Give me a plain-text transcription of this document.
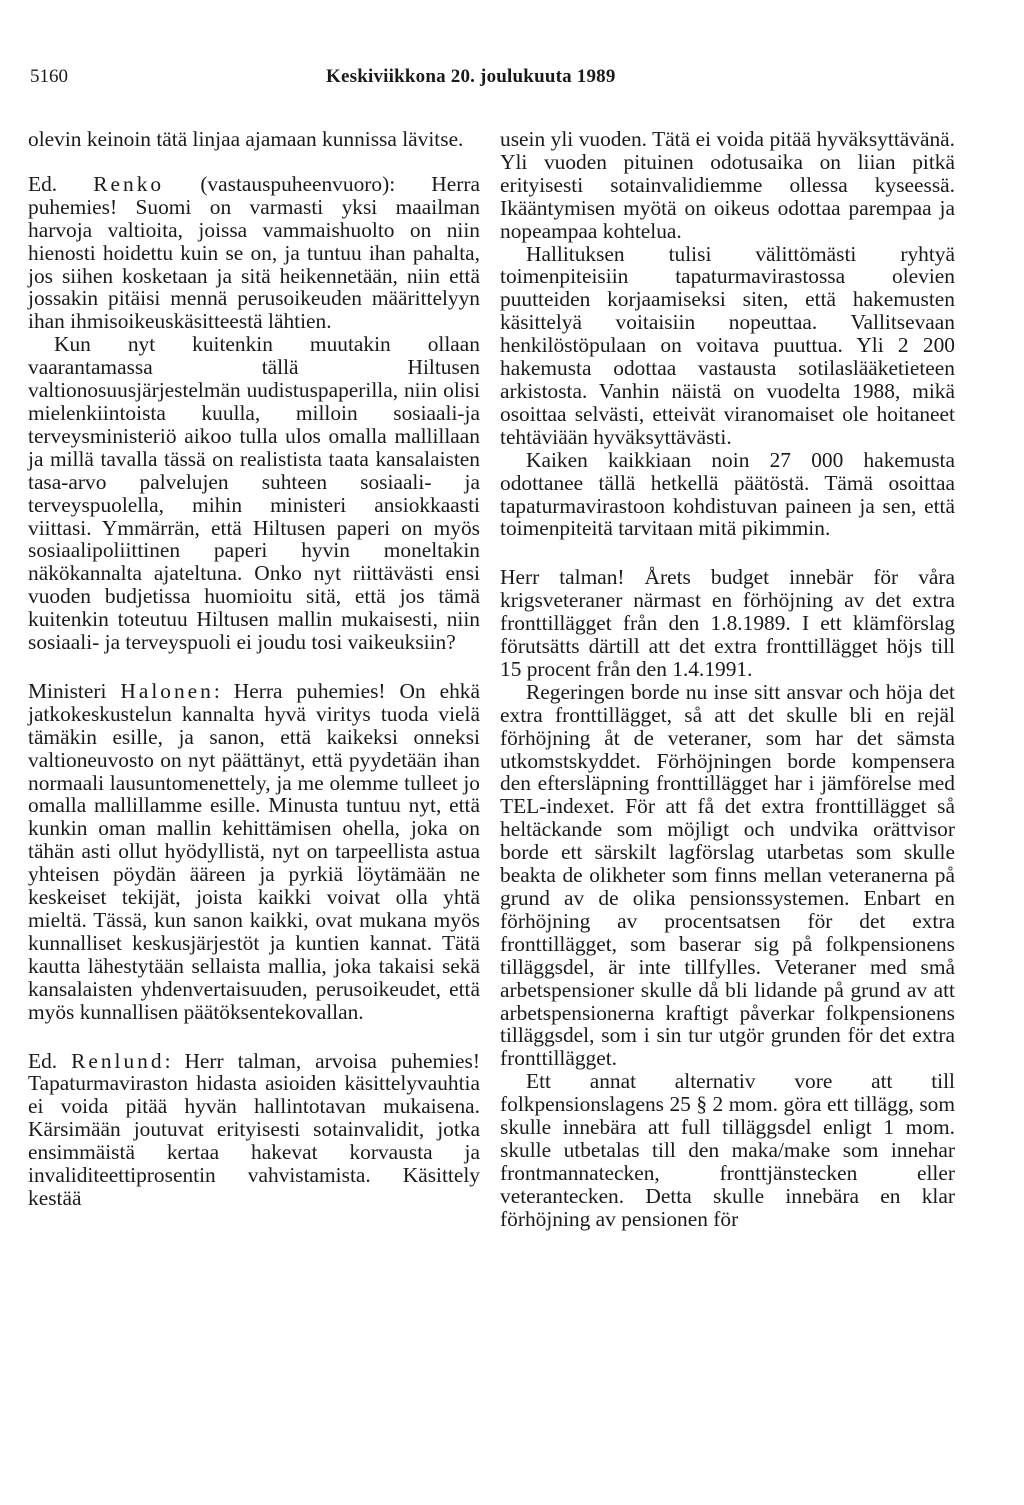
5160	Keskiviikkona 20. joulukuuta 1989

olevin keinoin tätä linjaa ajamaan kunnissa lävitse.

Ed. Renko (vastauspuheenvuoro): Herra puhemies! Suomi on varmasti yksi maailman harvoja valtioita, joissa vammaishuolto on niin hienosti hoidettu kuin se on, ja tuntuu ihan pahalta, jos siihen kosketaan ja sitä heikennetään, niin että jossakin pitäisi mennä perusoikeuden määrittelyyn ihan ihmisoikeuskäsitteestä lähtien.

Kun nyt kuitenkin muutakin ollaan vaarantamassa tällä Hiltusen valtionosuusjärjestelmän uudistuspaperilla, niin olisi mielenkiintoista kuulla, milloin sosiaali-ja terveysministeriö aikoo tulla ulos omalla mallillaan ja millä tavalla tässä on realistista taata kansalaisten tasa-arvo palvelujen suhteen sosiaali- ja terveyspuolella, mihin ministeri ansiokkaasti viittasi. Ymmärrän, että Hiltusen paperi on myös sosiaalipoliittinen paperi hyvin moneltakin näkökannalta ajateltuna. Onko nyt riittävästi ensi vuoden budjetissa huomioitu sitä, että jos tämä kuitenkin toteutuu Hiltusen mallin mukaisesti, niin sosiaali- ja terveyspuoli ei joudu tosi vaikeuksiin?

Ministeri Halonen: Herra puhemies! On ehkä jatkokeskustelun kannalta hyvä viritys tuoda vielä tämäkin esille, ja sanon, että kaikeksi onneksi valtioneuvosto on nyt päättänyt, että pyydetään ihan normaali lausuntomenettely, ja me olemme tulleet jo omalla mallillamme esille. Minusta tuntuu nyt, että kunkin oman mallin kehittämisen ohella, joka on tähän asti ollut hyödyllistä, nyt on tarpeellista astua yhteisen pöydän ääreen ja pyrkiä löytämään ne keskeiset tekijät, joista kaikki voivat olla yhtä mieltä. Tässä, kun sanon kaikki, ovat mukana myös kunnalliset keskusjärjestöt ja kuntien kannat. Tätä kautta lähestytään sellaista mallia, joka takaisi sekä kansalaisten yhdenvertaisuuden, perusoikeudet, että myös kunnallisen päätöksentekovallan.

Ed. Renlund: Herr talman, arvoisa puhemies! Tapaturmaviraston hidasta asioiden käsittelyvauhtia ei voida pitää hyvän hallintotavan mukaisena. Kärsimään joutuvat erityisesti sotainvalidit, jotka ensimmäistä kertaa hakevat korvausta ja invaliditeettiprosentin vahvistamista. Käsittely kestää

usein yli vuoden. Tätä ei voida pitää hyväksyttävänä. Yli vuoden pituinen odotusaika on liian pitkä erityisesti sotainvalidiemme ollessa kyseessä. Ikääntymisen myötä on oikeus odottaa parempaa ja nopeampaa kohtelua.

Hallituksen tulisi välittömästi ryhtyä toimenpiteisiin tapaturmavirastossa olevien puutteiden korjaamiseksi siten, että hakemusten käsittelyä voitaisiin nopeuttaa. Vallitsevaan henkilöstöpulaan on voitava puuttua. Yli 2 200 hakemusta odottaa vastausta sotilaslääketieteen arkistosta. Vanhin näistä on vuodelta 1988, mikä osoittaa selvästi, etteivät viranomaiset ole hoitaneet tehtäviään hyväksyttävästi.

Kaiken kaikkiaan noin 27 000 hakemusta odottanee tällä hetkellä päätöstä. Tämä osoittaa tapaturmavirastoon kohdistuvan paineen ja sen, että toimenpiteitä tarvitaan mitä pikimmin.

Herr talman! Årets budget innebär för våra krigsveteraner närmast en förhöjning av det extra fronttillägget från den 1.8.1989. I ett klämförslag förutsätts därtill att det extra fronttillägget höjs till 15 procent från den 1.4.1991.

Regeringen borde nu inse sitt ansvar och höja det extra fronttillägget, så att det skulle bli en rejäl förhöjning åt de veteraner, som har det sämsta utkomstskyddet. Förhöjningen borde kompensera den eftersläpning fronttillägget har i jämförelse med TEL-indexet. För att få det extra fronttillägget så heltäckande som möjligt och undvika orättvisor borde ett särskilt lagförslag utarbetas som skulle beakta de olikheter som finns mellan veteranerna på grund av de olika pensionssystemen. Enbart en förhöjning av procentsatsen för det extra fronttillägget, som baserar sig på folkpensionens tilläggsdel, är inte tillfylles. Veteraner med små arbetspensioner skulle då bli lidande på grund av att arbetspensionerna kraftigt påverkar folkpensionens tilläggsdel, som i sin tur utgör grunden för det extra fronttillägget.

Ett annat alternativ vore att till folkpensionslagens 25 § 2 mom. göra ett tillägg, som skulle innebära att full tilläggsdel enligt 1 mom. skulle utbetalas till den maka/make som innehar frontmannatecken, fronttjänstecken eller veterantecken. Detta skulle innebära en klar förhöjning av pensionen för
